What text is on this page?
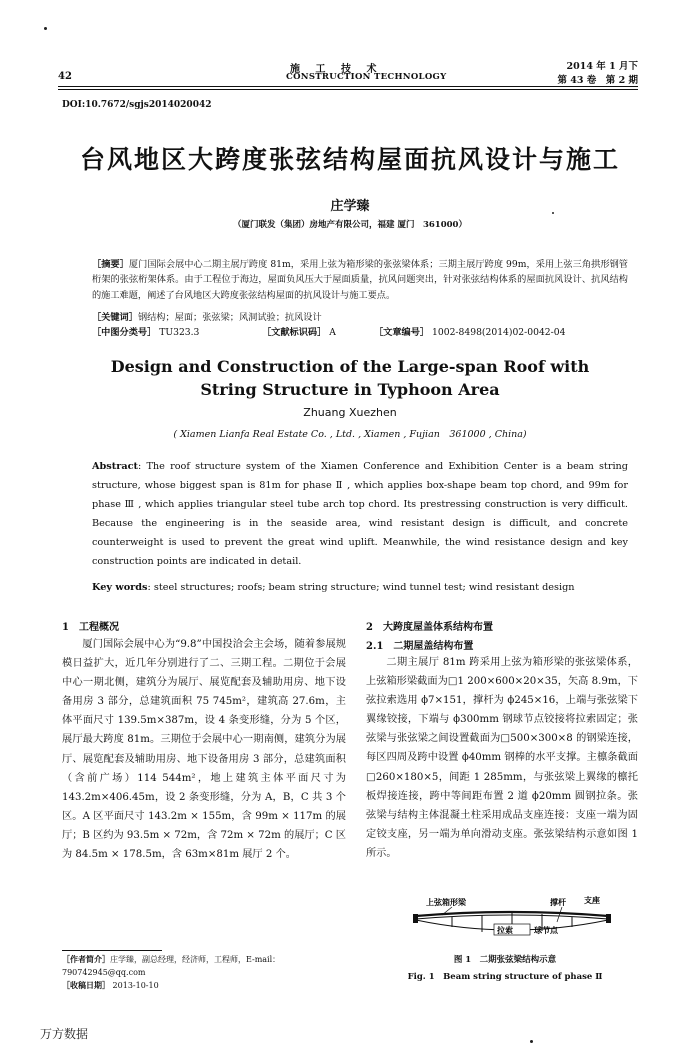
施 工 技 术
CONSTRUCTION TECHNOLOGY
42
2014 年 1 月下
第 43 卷　第 2 期
DOI:10.7672/sgjs2014020042
台风地区大跨度张弦结构屋面抗风设计与施工
庄学臻
（厦门联发（集团）房地产有限公司，福建 厦门　361000）
［摘要］厦门国际会展中心二期主展厅跨度 81m，采用上弦为箱形梁的张弦梁体系；三期主展厅跨度 99m，采用上弦三角拱形钢管桁架的张弦桁架体系。由于工程位于海边，屋面负风压大于屋面质量，抗风问题突出，针对张弦结构体系的屋面抗风设计、抗风结构的施工难题，阐述了台风地区大跨度张弦结构屋面的抗风设计与施工要点。
［关键词］钢结构；屋面；张弦梁；风洞试验；抗风设计
［中图分类号］ TU323.3	［文献标识码］ A	［文章编号］ 1002-8498(2014)02-0042-04
Design and Construction of the Large-span Roof with
String Structure in Typhoon Area
Zhuang Xuezhen
( Xiamen Lianfa Real Estate Co. , Ltd. , Xiamen , Fujian　361000 , China)
Abstract: The roof structure system of the Xiamen Conference and Exhibition Center is a beam string structure, whose biggest span is 81m for phase Ⅱ , which applies box-shape beam top chord, and 99m for phase Ⅲ , which applies triangular steel tube arch top chord. Its prestressing construction is very difficult. Because the engineering is in the seaside area, wind resistant design is difficult, and concrete counterweight is used to prevent the great wind uplift. Meanwhile, the wind resistance design and key construction points are indicated in detail.
Key words: steel structures; roofs; beam string structure; wind tunnel test; wind resistant design
1　工程概况

厦门国际会展中心为“9.8”中国投洽会主会场，随着参展规模日益扩大，近几年分别进行了二、三期工程。二期位于会展中心一期北侧，建筑分为展厅、展览配套及辅助用房、地下设备用房 3 部分，总建筑面积 75 745m²，建筑高 27.6m，主体平面尺寸 139.5m×387m，设 4 条变形缝，分为 5 个区，展厅最大跨度 81m。三期位于会展中心一期南侧，建筑分为展厅、展览配套及辅助用房、地下设备用房 3 部分，总建筑面积（含前广场）114 544m²，地上建筑主体平面尺寸为 143.2m×406.45m，设 2 条变形缝，分为 A，B，C 共 3 个区。A 区平面尺寸 143.2m × 155m，含 99m × 117m 的展厅；B 区约为 93.5m × 72m，含 72m × 72m 的展厅；C 区为 84.5m × 178.5m，含 63m×81m 展厅 2 个。

2　大跨度屋盖体系结构布置
2.1　二期屋盖结构布置

二期主展厅 81m 跨采用上弦为箱形梁的张弦梁体系，上弦箱形梁截面为□1 200×600×20×35，矢高 8.9m，下弦拉索选用 ϕ7×151，撑杆为 ϕ245×16，上端与张弦梁下翼缘铰接，下端与 ϕ300mm 钢球节点铰接将拉索固定；张弦梁与张弦梁之间设置截面为□500×300×8 的钢梁连接，每区四周及跨中设置 ϕ40mm 钢棒的水平支撑。主檩条截面□260×180×5，间距 1 285mm，与张弦梁上翼缘的檩托板焊接连接，跨中等间距布置 2 道 ϕ20mm 圆钢拉条。张弦梁与结构主体混凝土柱采用成品支座连接：支座一端为固定铰支座，另一端为单向滑动支座。张弦梁结构示意如图 1 所示。

上弦箱形梁	撑杆 支座
拉索	球节点
图 1　二期张弦梁结构示意
Fig. 1　Beam string structure of phase Ⅱ
［作者简介］庄学臻，副总经理，经济师，工程师，E-mail：790742945@qq.com
［收稿日期］ 2013-10-10
万方数据
